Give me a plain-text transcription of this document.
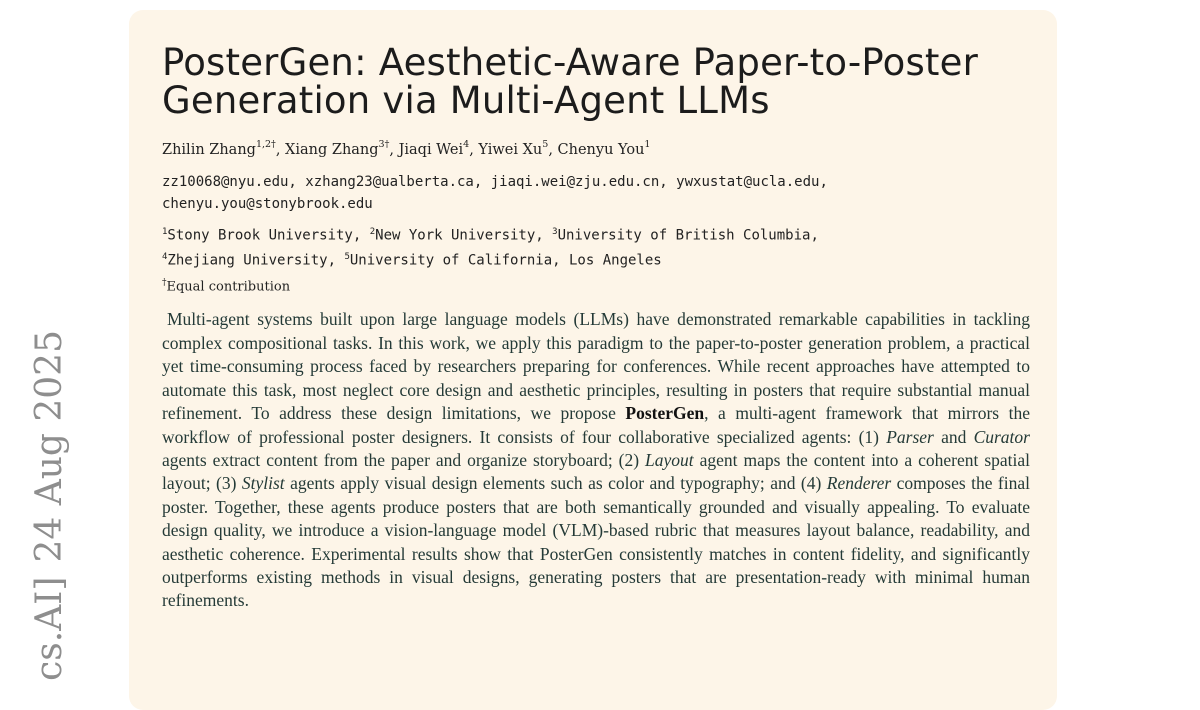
cs.AI]24 Aug 2025
PosterGen: Aesthetic-Aware Paper-to-Poster
Generation via Multi-Agent LLMs
Zhilin Zhang$^{1,2\dagger}$, Xiang Zhang$^{3\dagger}$, Jiaqi Wei$^4$, Yiwei Xu$^5$, Chenyu You$^1$
zz10068@nyu.edu, xzhang23@ualberta.ca, jiaqi.wei@zju.edu.cn, ywxustat@ucla.edu,
chenyu.you@stonybrook.edu
$^1$Stony Brook University, $^2$New York University, $^3$University of British Columbia,
$^4$Zhejiang University, $^5$University of California, Los Angeles
†Equal contribution
Multi-agent systems built upon large language models (LLMs) have demonstrated remarkable capabilities in tackling complex compositional tasks. In this work, we apply this paradigm to the paper-to-poster generation problem, a practical yet time-consuming process faced by researchers preparing for conferences. While recent approaches have attempted to automate this task, most neglect core design and aesthetic principles, resulting in posters that require substantial manual refinement. To address these design limitations, we propose PosterGen, a multi-agent framework that mirrors the workflow of professional poster designers. It consists of four collaborative specialized agents: (1) Parser and Curator agents extract content from the paper and organize storyboard; (2) Layout agent maps the content into a coherent spatial layout; (3) Stylist agents apply visual design elements such as color and typography; and (4) Renderer composes the final poster. Together, these agents produce posters that are both semantically grounded and visually appealing. To evaluate design quality, we introduce a vision-language model (VLM)-based rubric that measures layout balance, readability, and aesthetic coherence. Experimental results show that PosterGen consistently matches in content fidelity, and significantly outperforms existing methods in visual designs, generating posters that are presentation-ready with minimal human refinements.
